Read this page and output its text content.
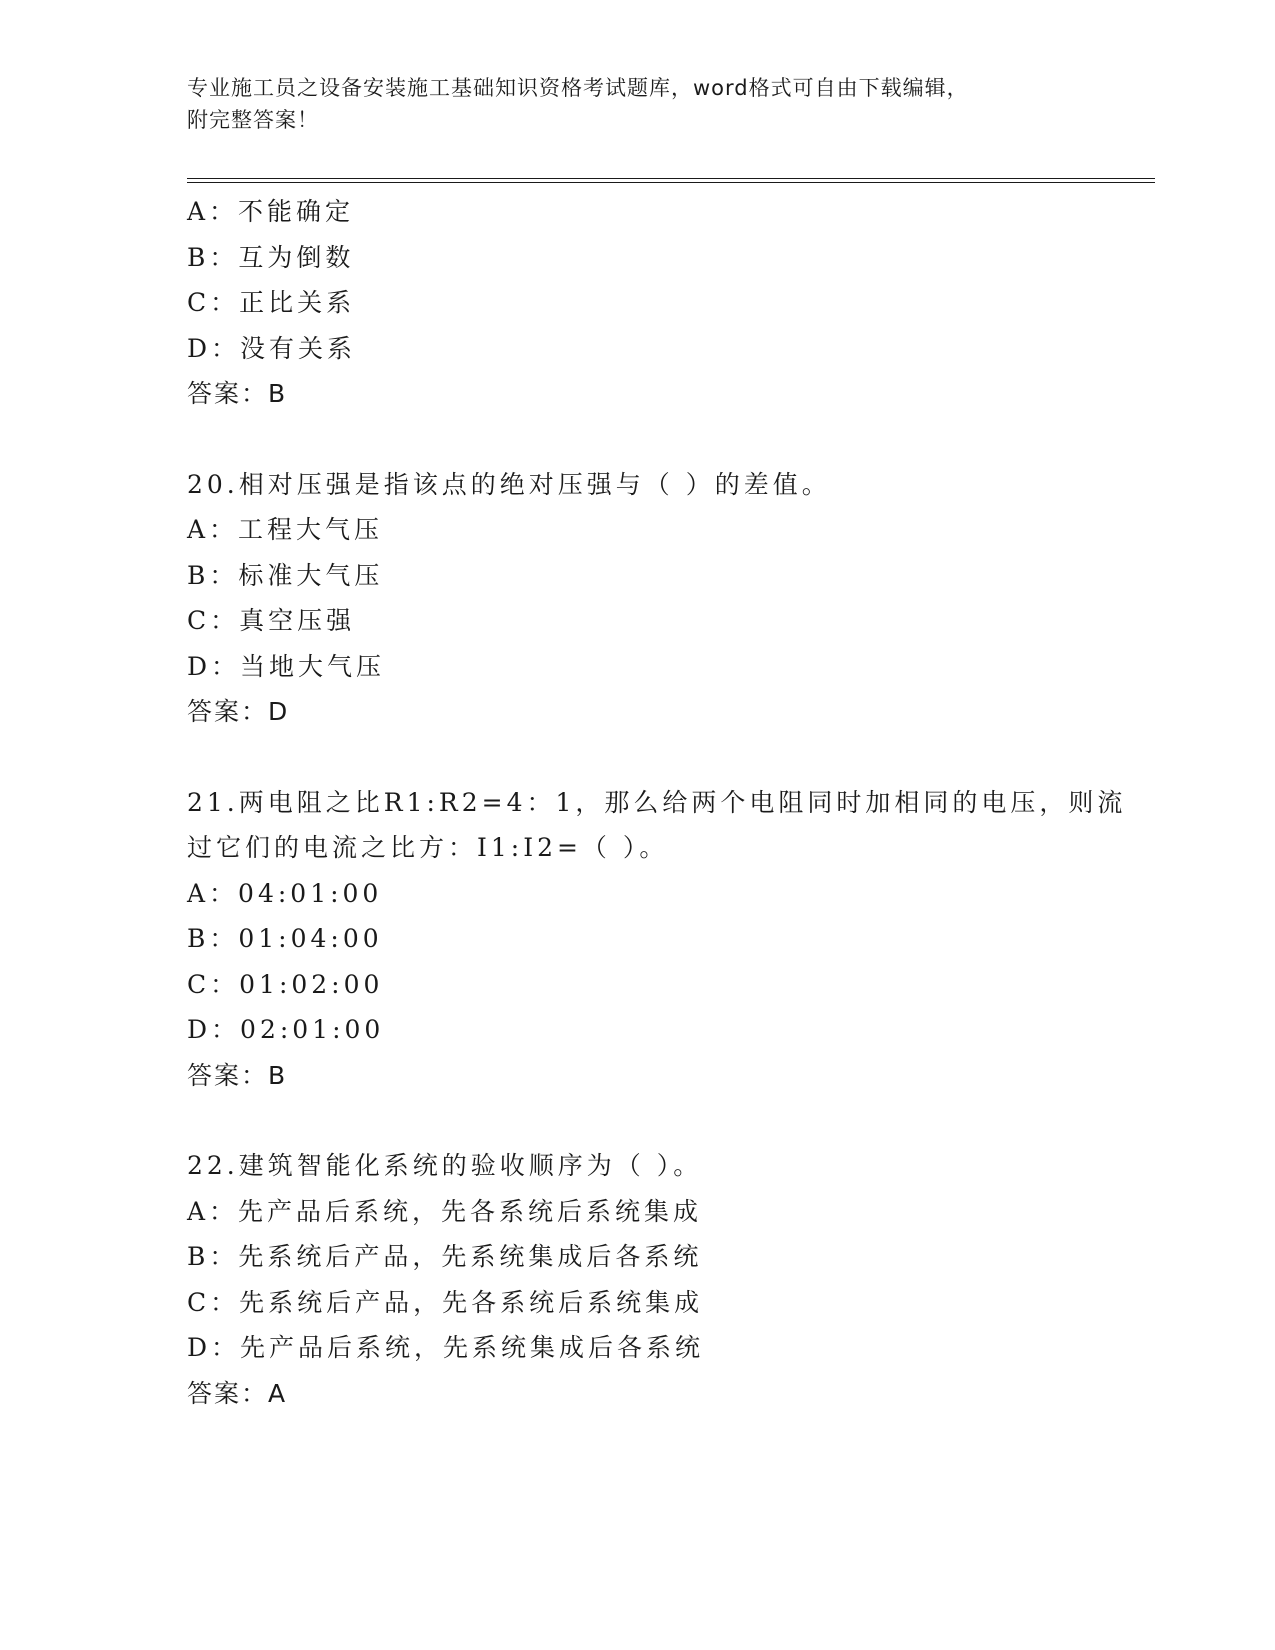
专业施工员之设备安装施工基础知识资格考试题库，word格式可自由下载编辑，
附完整答案！
A：不能确定
B：互为倒数
C：正比关系
D：没有关系
答案：B
20.相对压强是指该点的绝对压强与（ ）的差值。
A：工程大气压
B：标准大气压
C：真空压强
D：当地大气压
答案：D
21.两电阻之比R1:R2=4：1，那么给两个电阻同时加相同的电压，则流
过它们的电流之比方：I1:I2=（ ）。
A：04:01:00
B：01:04:00
C：01:02:00
D：02:01:00
答案：B
22.建筑智能化系统的验收顺序为（ ）。
A：先产品后系统，先各系统后系统集成
B：先系统后产品，先系统集成后各系统
C：先系统后产品，先各系统后系统集成
D：先产品后系统，先系统集成后各系统
答案：A
